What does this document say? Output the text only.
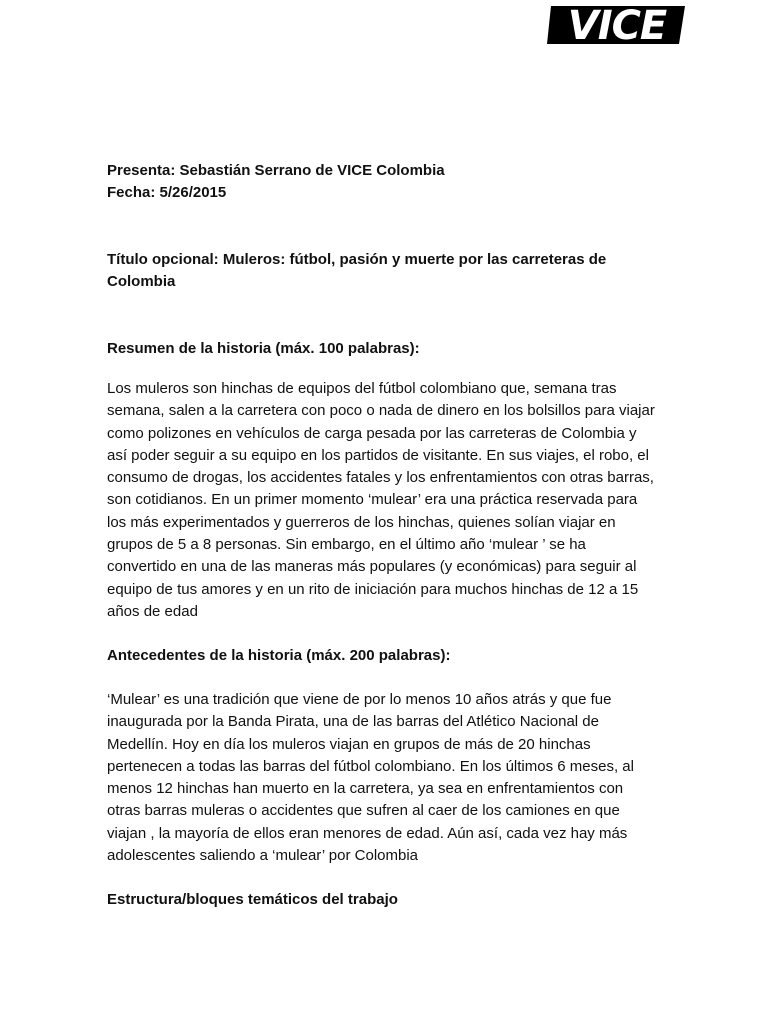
VICE

Presenta: Sebastián Serrano de VICE Colombia

Fecha: 5/26/2015

Título opcional: Muleros: fútbol, pasión y muerte por las carreteras de
Colombia

Resumen de la historia (máx. 100 palabras):

Los muleros son hinchas de equipos del fútbol colombiano que, semana tras
semana, salen a la carretera con poco o nada de dinero en los bolsillos para viajar
como polizones en vehículos de carga pesada por las carreteras de Colombia y
así poder seguir a su equipo en los partidos de visitante. En sus viajes, el robo, el
consumo de drogas, los accidentes fatales y los enfrentamientos con otras barras,
son cotidianos. En un primer momento ‘mulear’ era una práctica reservada para
los más experimentados y guerreros de los hinchas, quienes solían viajar en
grupos de 5 a 8 personas. Sin embargo, en el último año ‘mulear ’ se ha
convertido en una de las maneras más populares (y económicas) para seguir al
equipo de tus amores y en un rito de iniciación para muchos hinchas de 12 a 15
años de edad

Antecedentes de la historia (máx. 200 palabras):

‘Mulear’ es una tradición que viene de por lo menos 10 años atrás y que fue
inaugurada por la Banda Pirata, una de las barras del Atlético Nacional de
Medellín. Hoy en día los muleros viajan en grupos de más de 20 hinchas
pertenecen a todas las barras del fútbol colombiano. En los últimos 6 meses, al
menos 12 hinchas han muerto en la carretera, ya sea en enfrentamientos con
otras barras muleras o accidentes que sufren al caer de los camiones en que
viajan , la mayoría de ellos eran menores de edad. Aún así, cada vez hay más
adolescentes saliendo a ‘mulear’ por Colombia

Estructura/bloques temáticos del trabajo
